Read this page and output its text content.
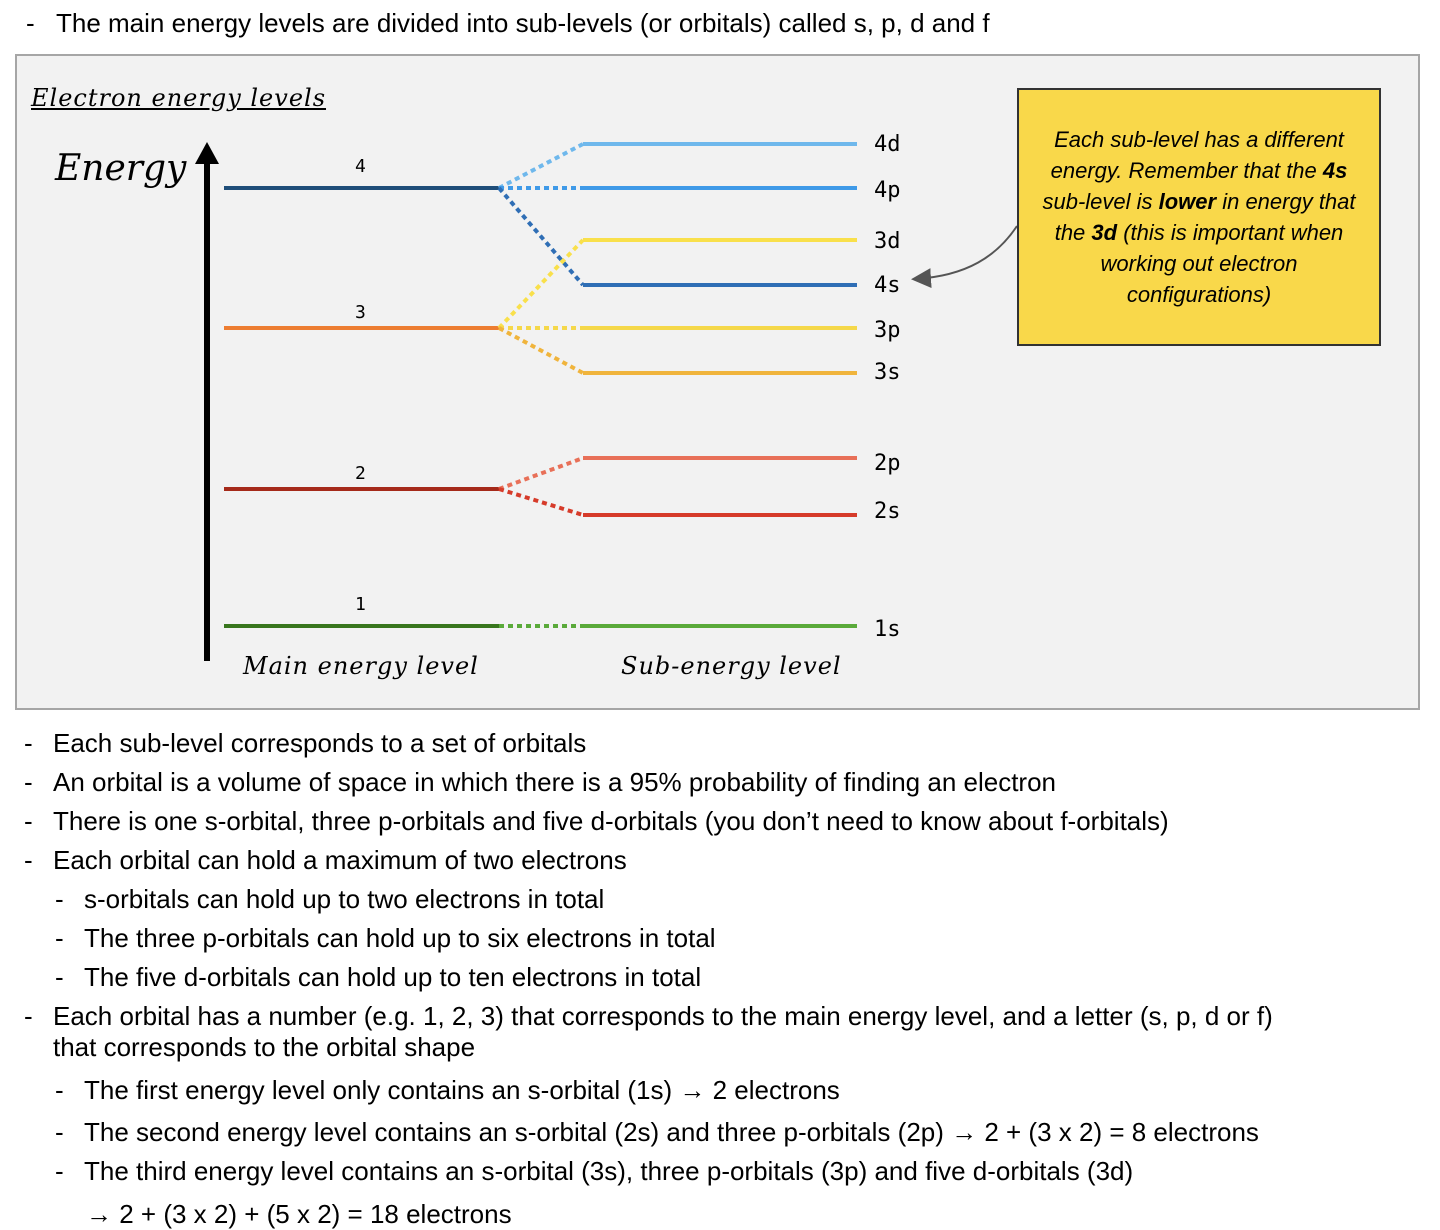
- The main energy levels are divided into sub-levels (or orbitals) called s, p, d and f
Electron energy levels
Energy	4
3
2
1
4d
4p
3d
4s
3p
3s
2p
2s
1s
Main energy level	Sub-energy level
Each sub-level has a different energy. Remember that the 4s sub-level is lower in energy that the 3d (this is important when working out electron configurations)
- Each sub-level corresponds to a set of orbitals
- An orbital is a volume of space in which there is a 95% probability of finding an electron
- There is one s-orbital, three p-orbitals and five d-orbitals (you don’t need to know about f-orbitals)
- Each orbital can hold a maximum of two electrons
- s-orbitals can hold up to two electrons in total
- The three p-orbitals can hold up to six electrons in total
- The five d-orbitals can hold up to ten electrons in total
- Each orbital has a number (e.g. 1, 2, 3) that corresponds to the main energy level, and a letter (s, p, d or f)
that corresponds to the orbital shape
- The first energy level only contains an s-orbital (1s) → 2 electrons
- The second energy level contains an s-orbital (2s) and three p-orbitals (2p) → 2 + (3 x 2) = 8 electrons
- The third energy level contains an s-orbital (3s), three p-orbitals (3p) and five d-orbitals (3d)
→ 2 + (3 x 2) + (5 x 2) = 18 electrons
